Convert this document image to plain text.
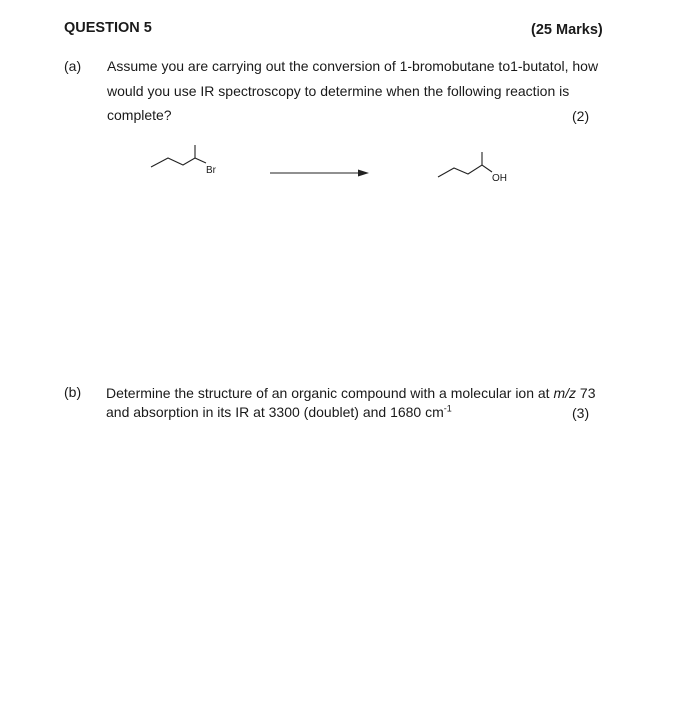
QUESTION 5	(25 Marks)
(a) Assume you are carrying out the conversion of 1-bromobutane to1-butatol, how
would you use IR spectroscopy to determine when the following reaction is
complete?	(2)
Br
OH
(b) Determine the structure of an organic compound with a molecular ion at m/z 73
and absorption in its IR at 3300 (doublet) and 1680 $cm^{-1}$	(3)
